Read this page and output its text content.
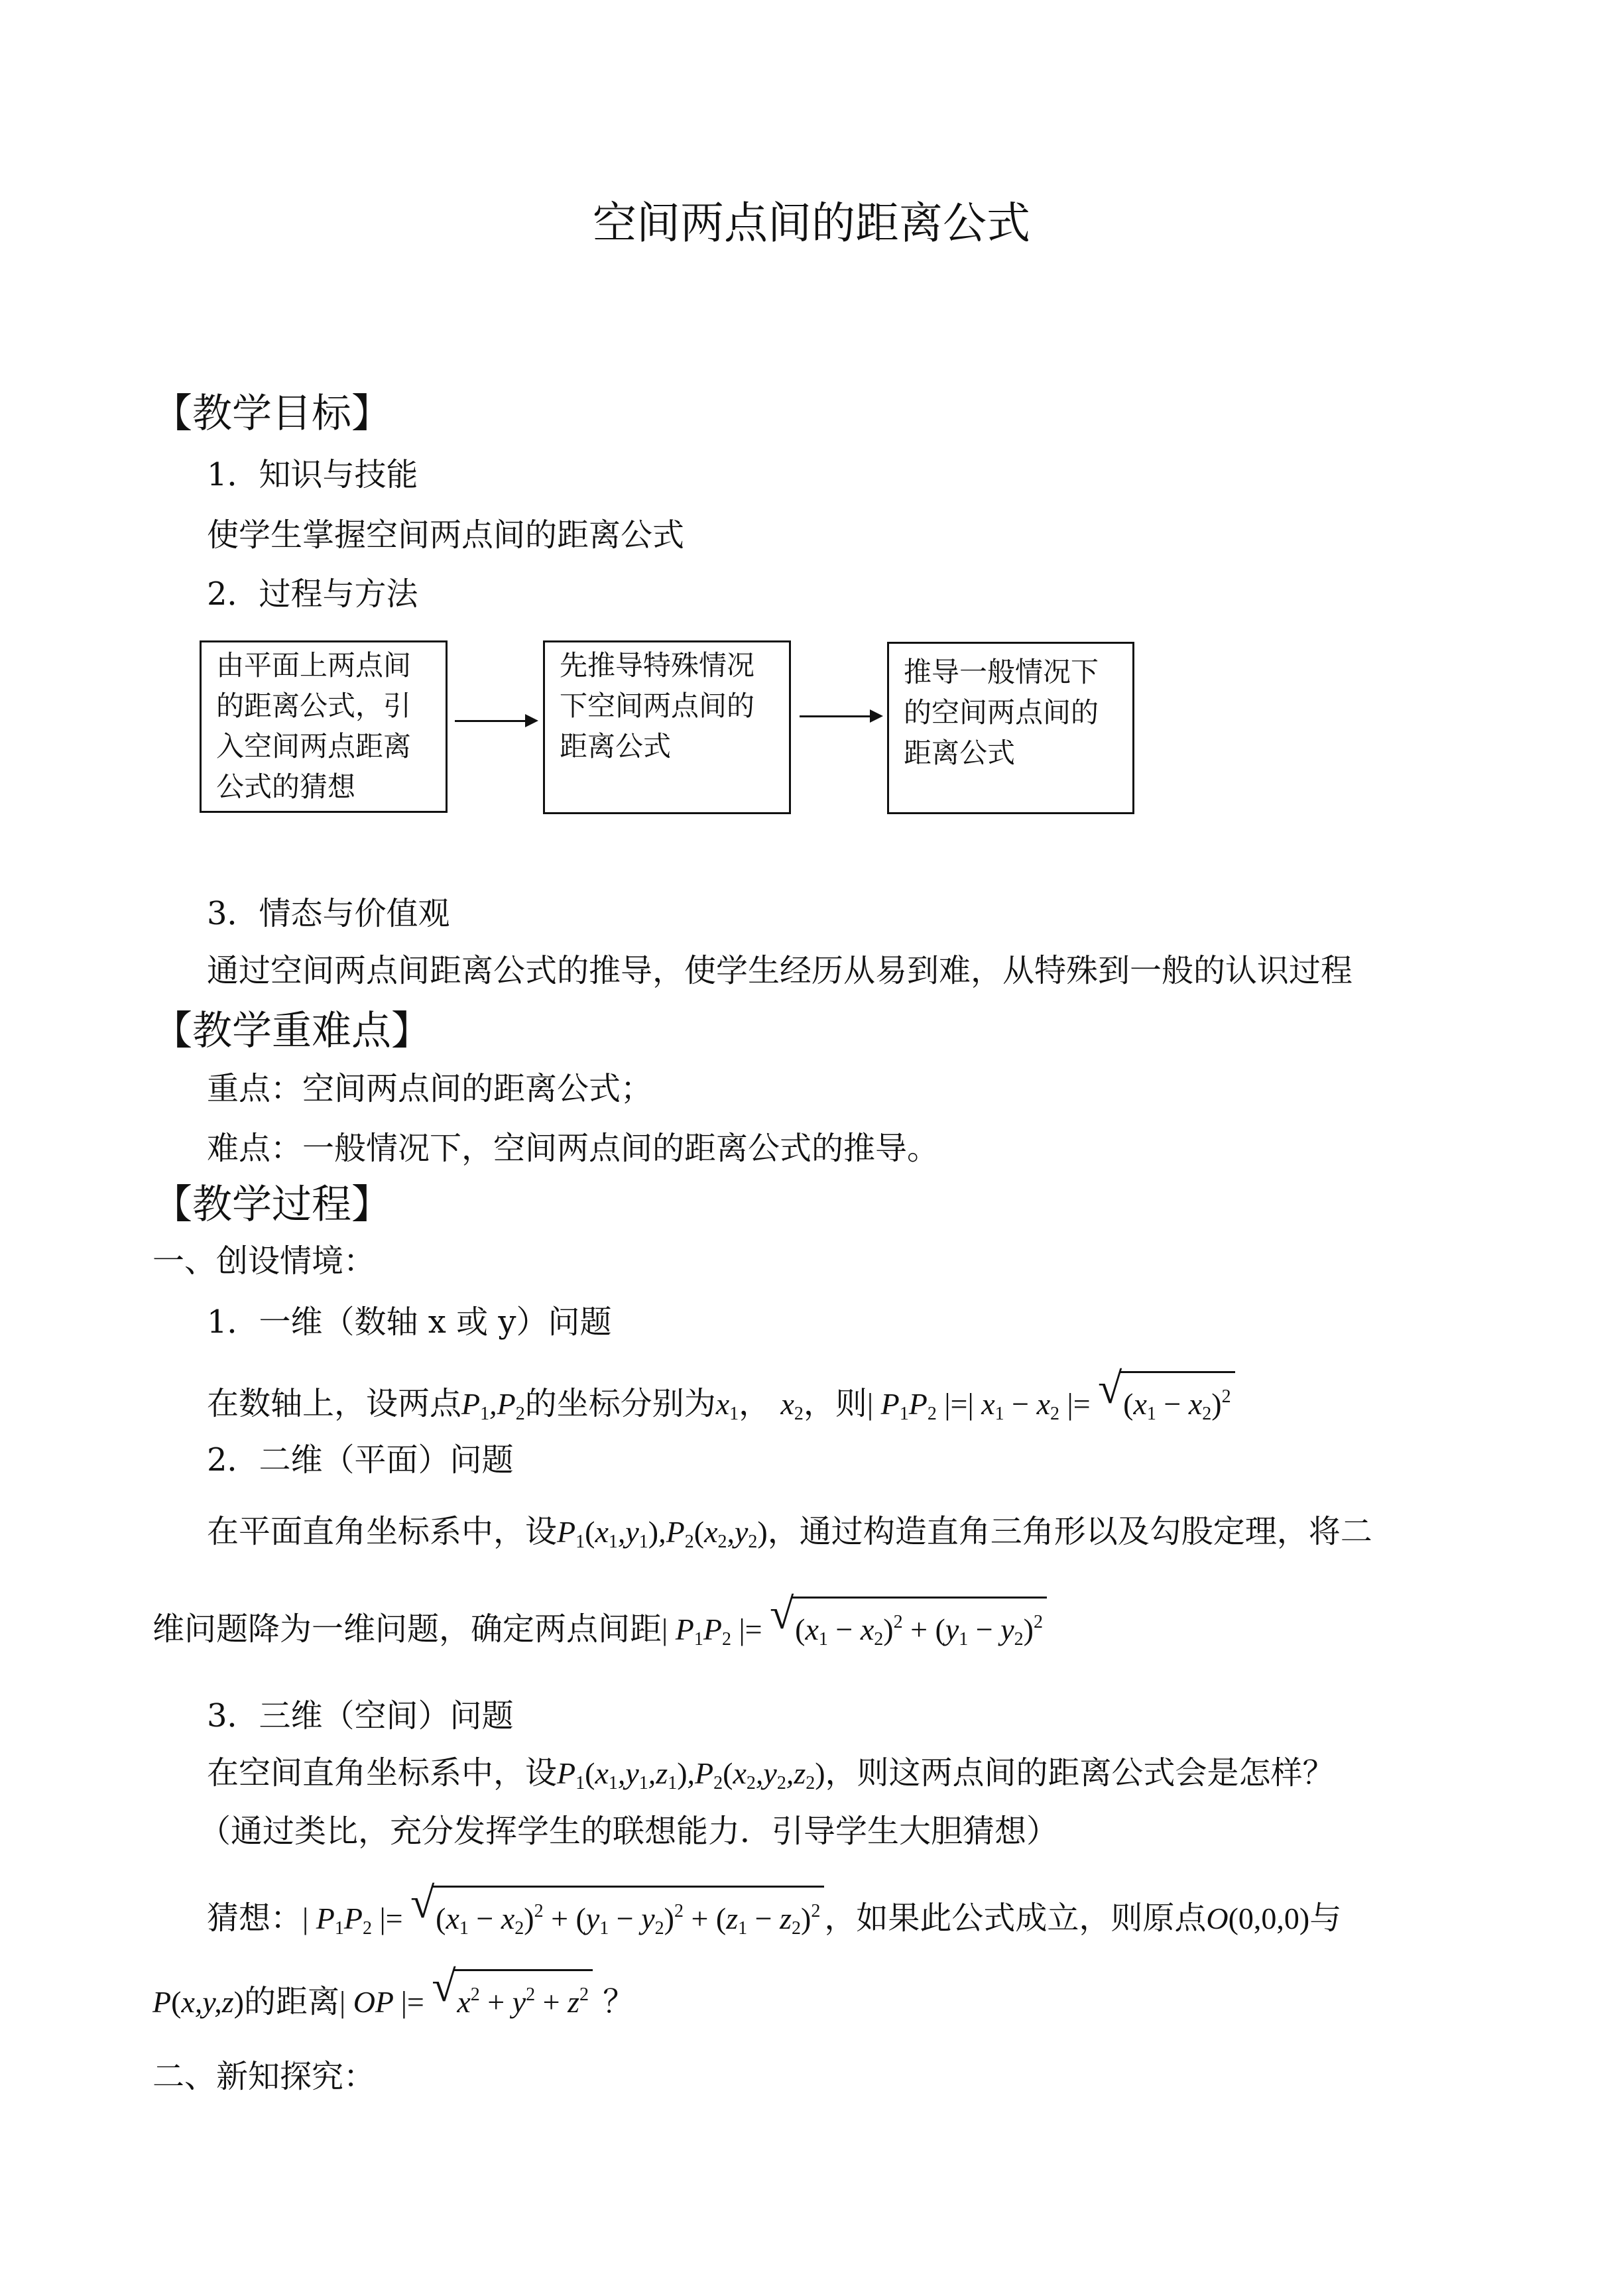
空间两点间的距离公式
【教学目标】
1．知识与技能
使学生掌握空间两点间的距离公式
2．过程与方法
由平面上两点间的距离公式，引入空间两点距离公式的猜想
先推导特殊情况下空间两点间的距离公式
推导一般情况下的空间两点间的距离公式
3．情态与价值观
通过空间两点间距离公式的推导，使学生经历从易到难，从特殊到一般的认识过程
【教学重难点】
重点：空间两点间的距离公式；
难点：一般情况下，空间两点间的距离公式的推导。
【教学过程】
一、创设情境：
1．一维（数轴 x 或 y）问题
在数轴上，设两点$P_1,P_2$的坐标分别为$x_1$， $x_2$，则| $P_1P_2$ |=| $x_1 - x_2$ |= √ $(x_1 - x_2)^2$
2．二维（平面）问题
在平面直角坐标系中，设$P_1(x_1,y_1),P_2(x_2,y_2)$，通过构造直角三角形以及勾股定理，将二
维问题降为一维问题，确定两点间距| $P_1P_2$ |= √ $(x_1 - x_2)^2 + (y_1 - y_2)^2$
3．三维（空间）问题
在空间直角坐标系中，设$P_1(x_1,y_1,z_1),P_2(x_2,y_2,z_2)$，则这两点间的距离公式会是怎样？
（通过类比，充分发挥学生的联想能力．引导学生大胆猜想）
猜想：| $P_1P_2$ |= √ $(x_1 - x_2)^2 + (y_1 - y_2)^2 + (z_1 - z_2)^2$ ，如果此公式成立，则原点O(0,0,0)与
P(x,y,z)的距离| OP |= √ $x^2 + y^2 + z^2$ ？
二、新知探究：
